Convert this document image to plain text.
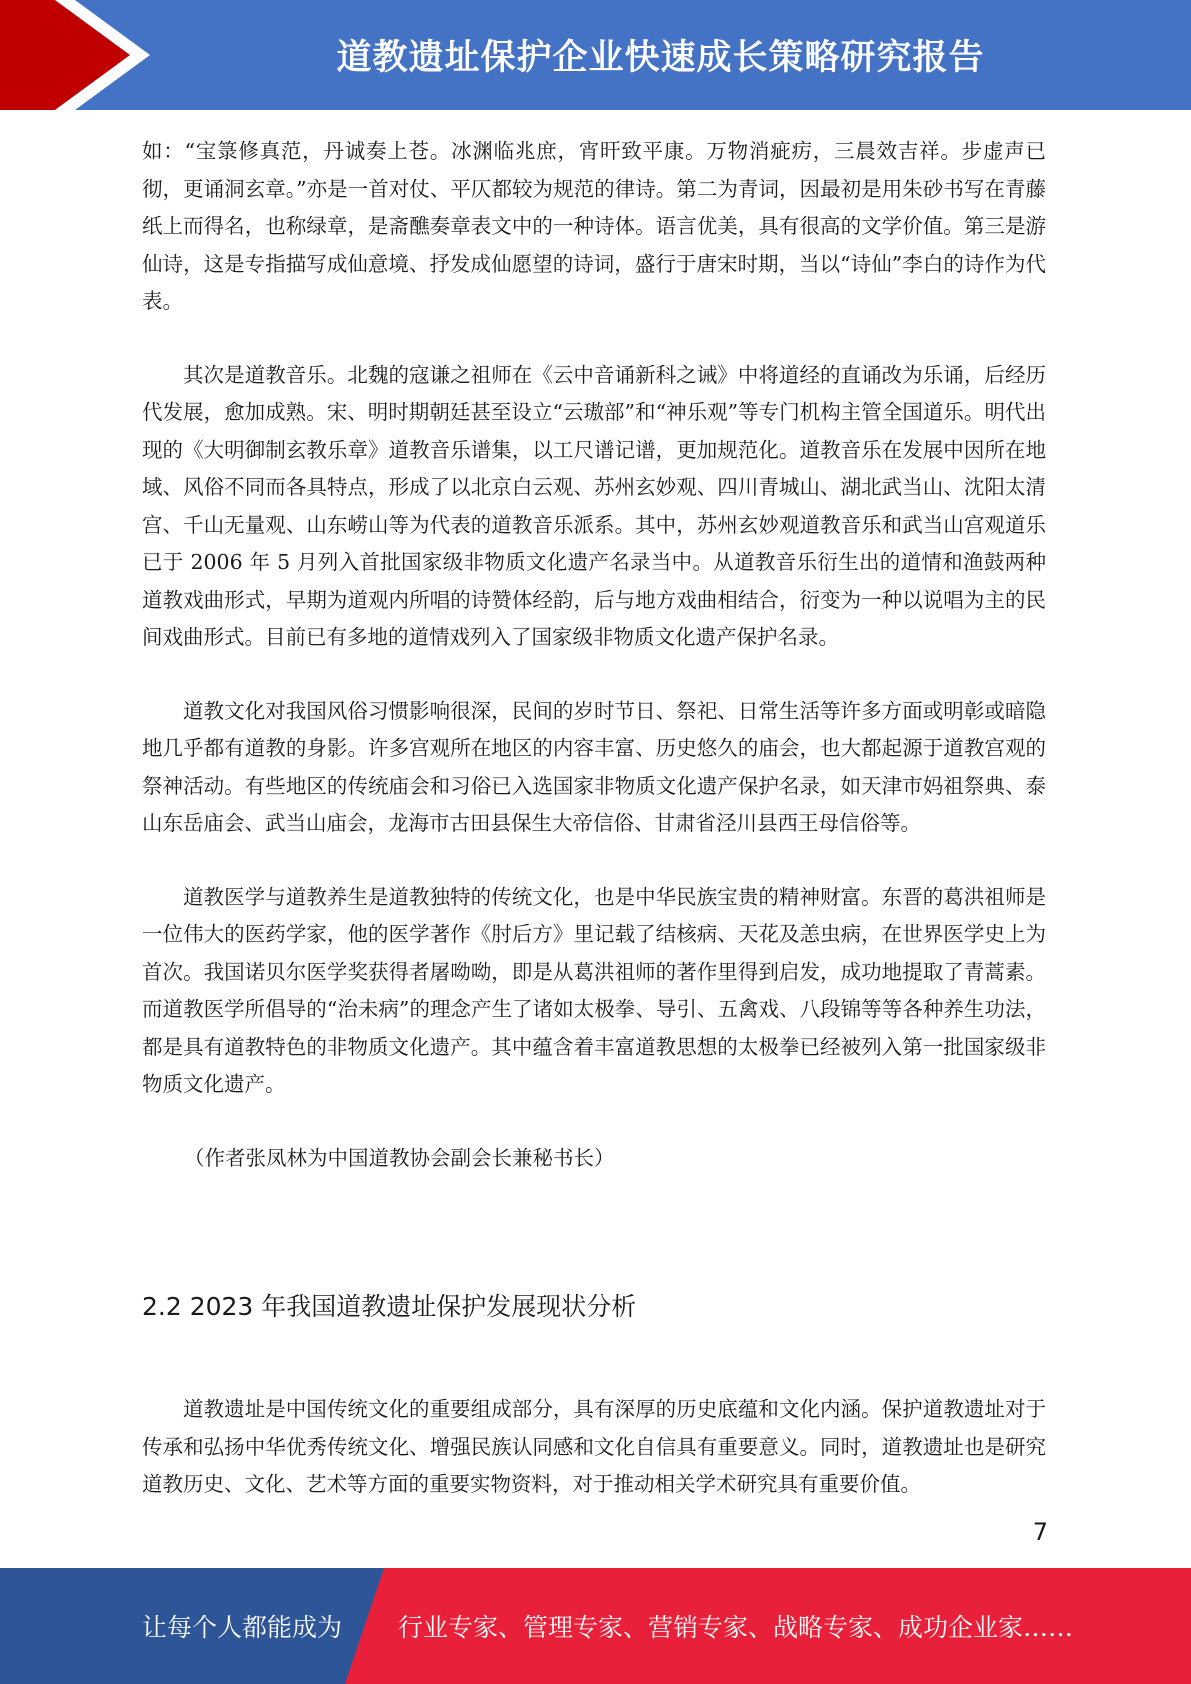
道教遗址保护企业快速成长策略研究报告

如：“宝箓修真范，丹诚奏上苍。冰渊临兆庶，宵旰致平康。万物消疵疠，三晨效吉祥。步虚声已彻，更诵洞玄章。”亦是一首对仗、平仄都较为规范的律诗。第二为青词，因最初是用朱砂书写在青藤纸上而得名，也称绿章，是斋醮奏章表文中的一种诗体。语言优美，具有很高的文学价值。第三是游仙诗，这是专指描写成仙意境、抒发成仙愿望的诗词，盛行于唐宋时期，当以“诗仙”李白的诗作为代表。

其次是道教音乐。北魏的寇谦之祖师在《云中音诵新科之诫》中将道经的直诵改为乐诵，后经历代发展，愈加成熟。宋、明时期朝廷甚至设立“云璈部”和“神乐观”等专门机构主管全国道乐。明代出现的《大明御制玄教乐章》道教音乐谱集，以工尺谱记谱，更加规范化。道教音乐在发展中因所在地域、风俗不同而各具特点，形成了以北京白云观、苏州玄妙观、四川青城山、湖北武当山、沈阳太清宫、千山无量观、山东崂山等为代表的道教音乐派系。其中，苏州玄妙观道教音乐和武当山宫观道乐已于 2006 年 5 月列入首批国家级非物质文化遗产名录当中。从道教音乐衍生出的道情和渔鼓两种道教戏曲形式，早期为道观内所唱的诗赞体经韵，后与地方戏曲相结合，衍变为一种以说唱为主的民间戏曲形式。目前已有多地的道情戏列入了国家级非物质文化遗产保护名录。

道教文化对我国风俗习惯影响很深，民间的岁时节日、祭祀、日常生活等许多方面或明彰或暗隐地几乎都有道教的身影。许多宫观所在地区的内容丰富、历史悠久的庙会，也大都起源于道教宫观的祭神活动。有些地区的传统庙会和习俗已入选国家非物质文化遗产保护名录，如天津市妈祖祭典、泰山东岳庙会、武当山庙会，龙海市古田县保生大帝信俗、甘肃省泾川县西王母信俗等。

道教医学与道教养生是道教独特的传统文化，也是中华民族宝贵的精神财富。东晋的葛洪祖师是一位伟大的医药学家，他的医学著作《肘后方》里记载了结核病、天花及恙虫病，在世界医学史上为首次。我国诺贝尔医学奖获得者屠呦呦，即是从葛洪祖师的著作里得到启发，成功地提取了青蒿素。而道教医学所倡导的“治未病”的理念产生了诸如太极拳、导引、五禽戏、八段锦等等各种养生功法，都是具有道教特色的非物质文化遗产。其中蕴含着丰富道教思想的太极拳已经被列入第一批国家级非物质文化遗产。

（作者张凤林为中国道教协会副会长兼秘书长）

2.2 2023 年我国道教遗址保护发展现状分析

道教遗址是中国传统文化的重要组成部分，具有深厚的历史底蕴和文化内涵。保护道教遗址对于传承和弘扬中华优秀传统文化、增强民族认同感和文化自信具有重要意义。同时，道教遗址也是研究道教历史、文化、艺术等方面的重要实物资料，对于推动相关学术研究具有重要价值。

7
让每个人都能成为 行业专家、管理专家、营销专家、战略专家、成功企业家……
